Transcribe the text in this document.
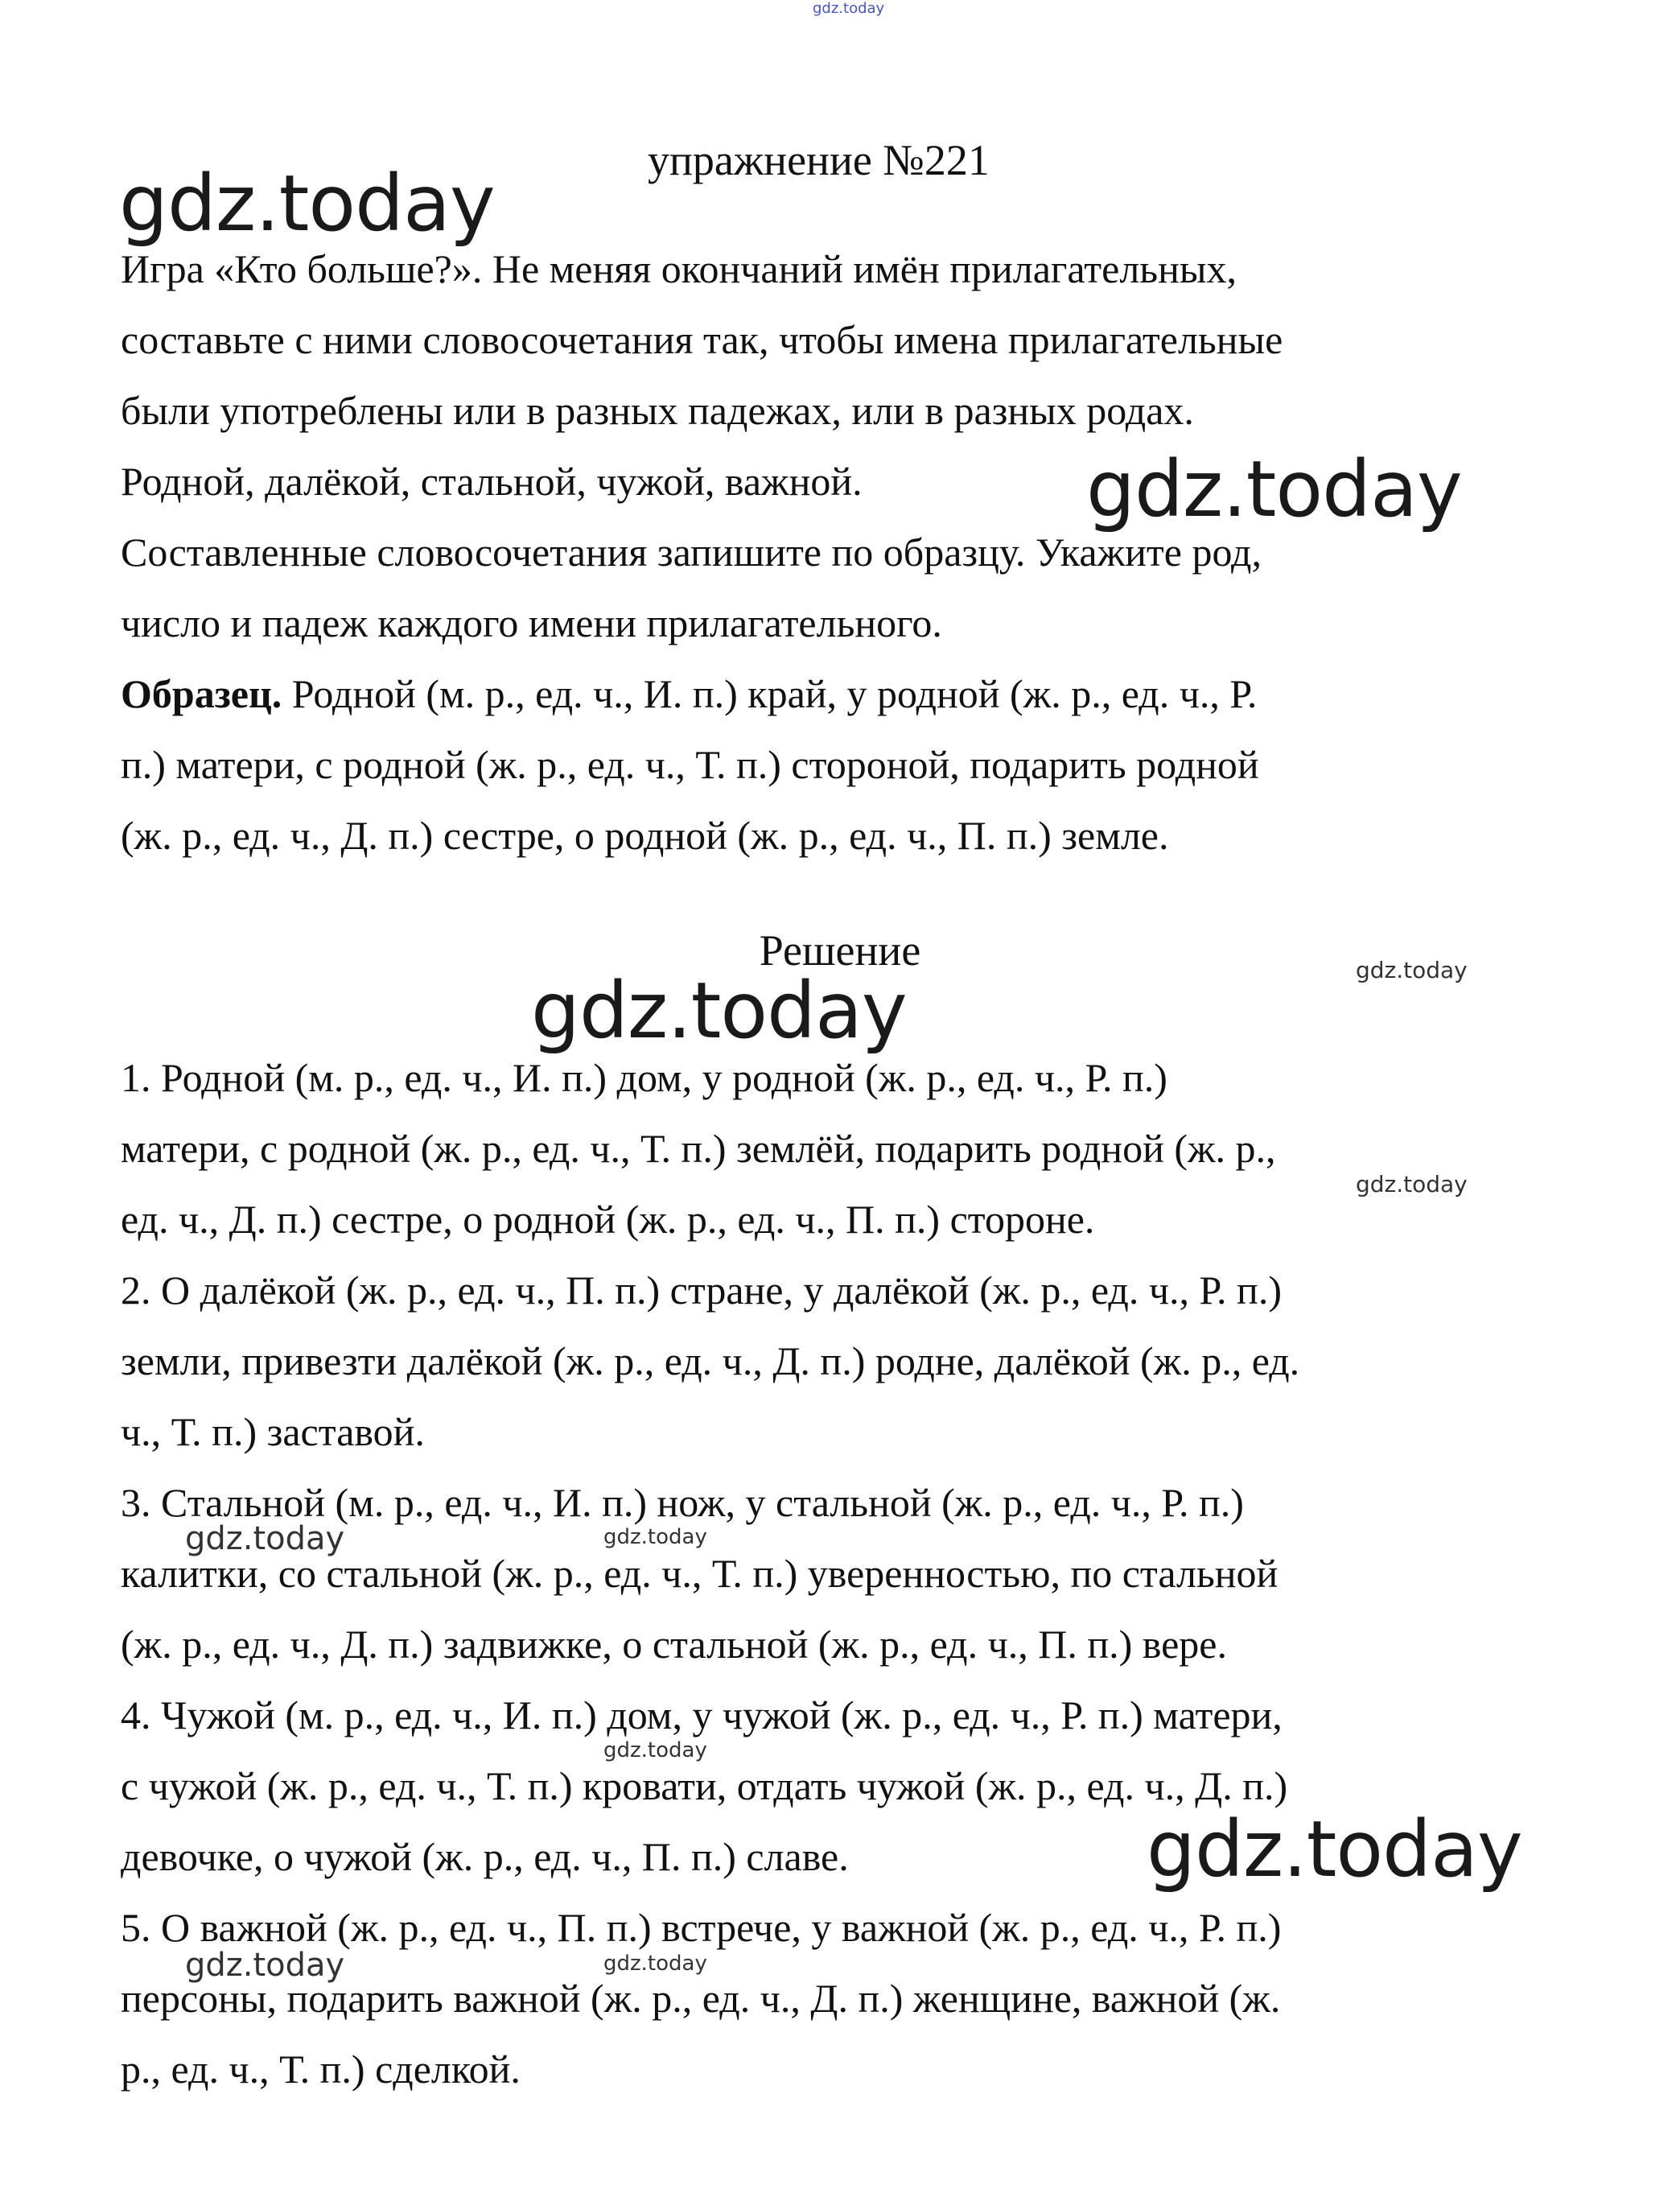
gdz.today
gdz.today
gdz.today
gdz.today
gdz.today
gdz.today
gdz.today	gdz.today
gdz.today
gdz.today
gdz.today	gdz.today
упражнение №221

Игра «Кто больше?». Не меняя окончаний имён прилагательных,

составьте с ними словосочетания так, чтобы имена прилагательные

были употреблены или в разных падежах, или в разных родах.

Родной, далёкой, стальной, чужой, важной.

Составленные словосочетания запишите по образцу. Укажите род,

число и падеж каждого имени прилагательного.

Образец. Родной (м. р., ед. ч., И. п.) край, у родной (ж. р., ед. ч., Р.

п.) матери, с родной (ж. р., ед. ч., Т. п.) стороной, подарить родной

(ж. р., ед. ч., Д. п.) сестре, о родной (ж. р., ед. ч., П. п.) земле.

Решение

1. Родной (м. р., ед. ч., И. п.) дом, у родной (ж. р., ед. ч., Р. п.)

матери, с родной (ж. р., ед. ч., Т. п.) землёй, подарить родной (ж. р.,

ед. ч., Д. п.) сестре, о родной (ж. р., ед. ч., П. п.) стороне.

2. О далёкой (ж. р., ед. ч., П. п.) стране, у далёкой (ж. р., ед. ч., Р. п.)

земли, привезти далёкой (ж. р., ед. ч., Д. п.) родне, далёкой (ж. р., ед.

ч., Т. п.) заставой.

3. Стальной (м. р., ед. ч., И. п.) нож, у стальной (ж. р., ед. ч., Р. п.)

калитки, со стальной (ж. р., ед. ч., Т. п.) уверенностью, по стальной

(ж. р., ед. ч., Д. п.) задвижке, о стальной (ж. р., ед. ч., П. п.) вере.

4. Чужой (м. р., ед. ч., И. п.) дом, у чужой (ж. р., ед. ч., Р. п.) матери,

с чужой (ж. р., ед. ч., Т. п.) кровати, отдать чужой (ж. р., ед. ч., Д. п.)

девочке, о чужой (ж. р., ед. ч., П. п.) славе.

5. О важной (ж. р., ед. ч., П. п.) встрече, у важной (ж. р., ед. ч., Р. п.)

персоны, подарить важной (ж. р., ед. ч., Д. п.) женщине, важной (ж.

р., ед. ч., Т. п.) сделкой.
